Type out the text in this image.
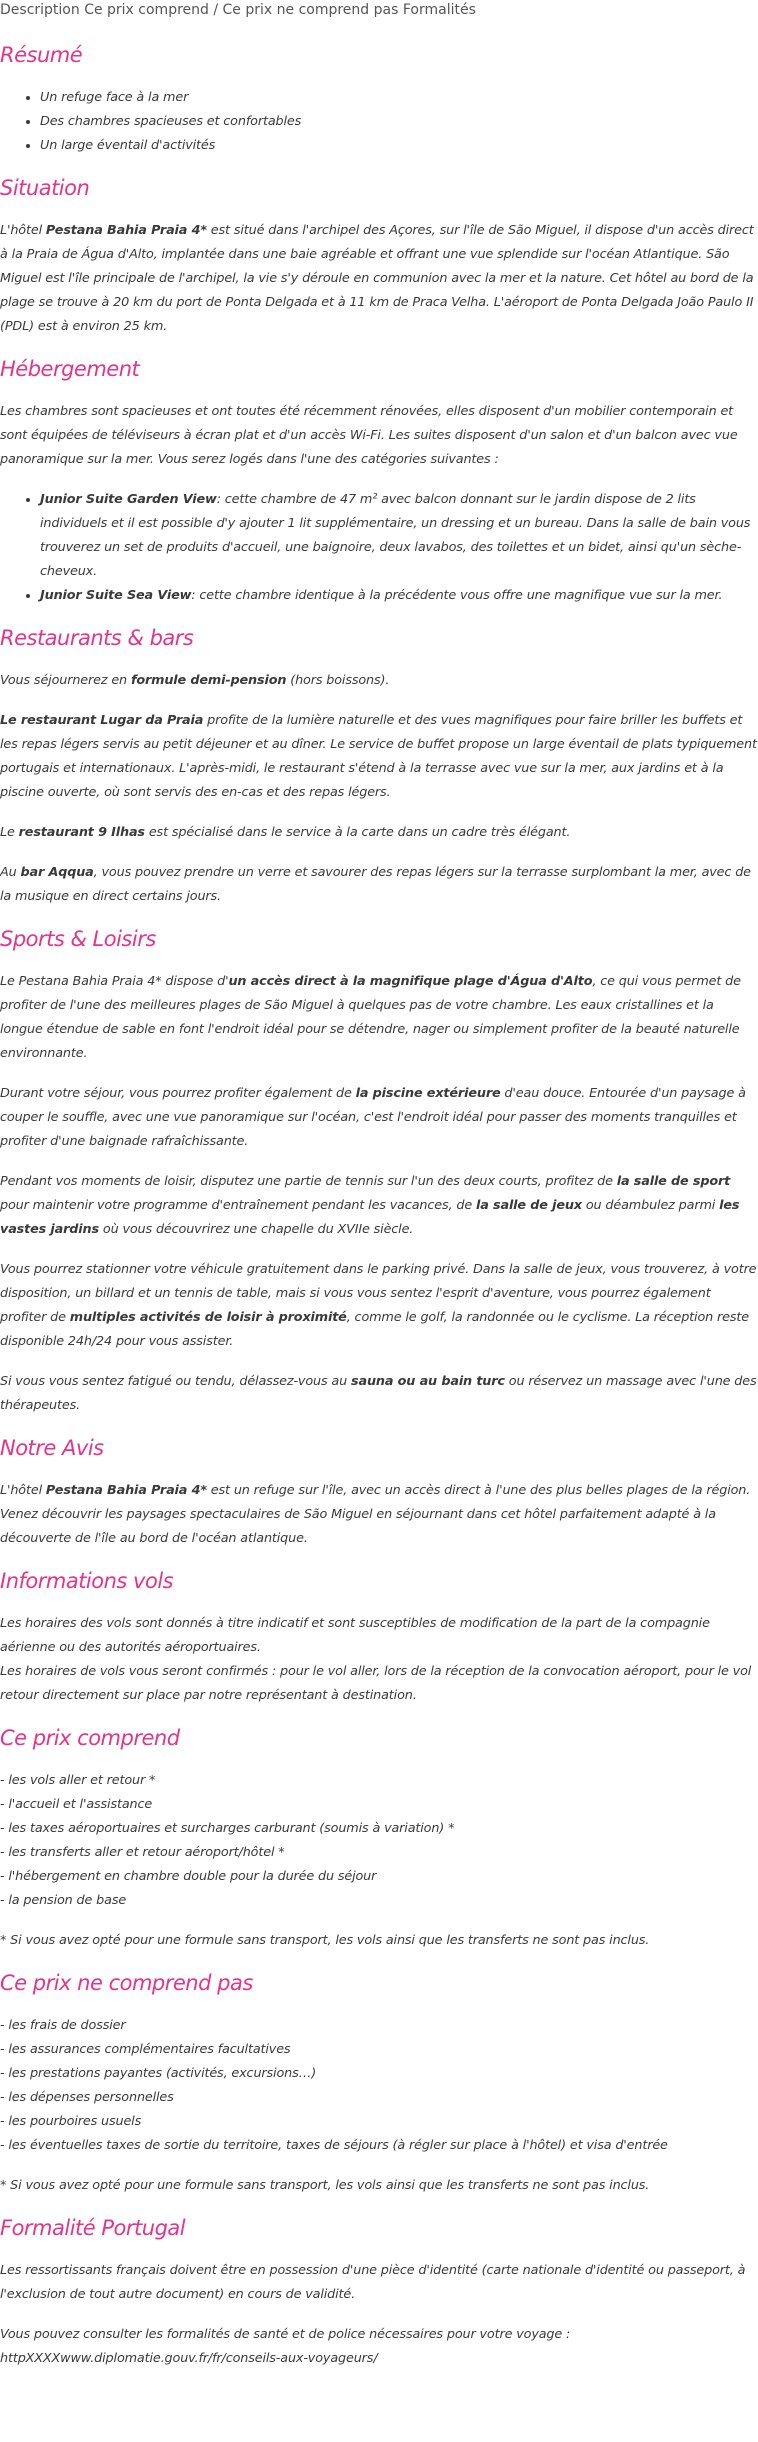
Description Ce prix comprend / Ce prix ne comprend pas Formalités
Résumé
• Un refuge face à la mer
• Des chambres spacieuses et confortables
• Un large éventail d'activités
Situation

L'hôtel Pestana Bahia Praia 4* est situé dans l'archipel des Açores, sur l'île de São Miguel, il dispose d'un accès direct à la Praia de Água d'Alto, implantée dans une baie agréable et offrant une vue splendide sur l'océan Atlantique. São Miguel est l'île principale de l'archipel, la vie s'y déroule en communion avec la mer et la nature. Cet hôtel au bord de la plage se trouve à 20 km du port de Ponta Delgada et à 11 km de Praca Velha. L'aéroport de Ponta Delgada João Paulo II (PDL) est à environ 25 km.

Hébergement

Les chambres sont spacieuses et ont toutes été récemment rénovées, elles disposent d'un mobilier contemporain et sont équipées de téléviseurs à écran plat et d'un accès Wi-Fi. Les suites disposent d'un salon et d'un balcon avec vue panoramique sur la mer. Vous serez logés dans l'une des catégories suivantes :

• Junior Suite Garden View: cette chambre de 47 m² avec balcon donnant sur le jardin dispose de 2 lits individuels et il est possible d'y ajouter 1 lit supplémentaire, un dressing et un bureau. Dans la salle de bain vous trouverez un set de produits d'accueil, une baignoire, deux lavabos, des toilettes et un bidet, ainsi qu'un sèche-cheveux.
• Junior Suite Sea View: cette chambre identique à la précédente vous offre une magnifique vue sur la mer.
Restaurants & bars

Vous séjournerez en formule demi-pension (hors boissons).

Le restaurant Lugar da Praia profite de la lumière naturelle et des vues magnifiques pour faire briller les buffets et les repas légers servis au petit déjeuner et au dîner. Le service de buffet propose un large éventail de plats typiquement portugais et internationaux. L'après-midi, le restaurant s'étend à la terrasse avec vue sur la mer, aux jardins et à la piscine ouverte, où sont servis des en-cas et des repas légers.

Le restaurant 9 Ilhas est spécialisé dans le service à la carte dans un cadre très élégant.

Au bar Aqqua, vous pouvez prendre un verre et savourer des repas légers sur la terrasse surplombant la mer, avec de la musique en direct certains jours.

Sports & Loisirs

Le Pestana Bahia Praia 4* dispose d'un accès direct à la magnifique plage d'Água d'Alto, ce qui vous permet de profiter de l'une des meilleures plages de São Miguel à quelques pas de votre chambre. Les eaux cristallines et la longue étendue de sable en font l'endroit idéal pour se détendre, nager ou simplement profiter de la beauté naturelle environnante.

Durant votre séjour, vous pourrez profiter également de la piscine extérieure d'eau douce. Entourée d'un paysage à couper le souffle, avec une vue panoramique sur l'océan, c'est l'endroit idéal pour passer des moments tranquilles et profiter d'une baignade rafraîchissante.

Pendant vos moments de loisir, disputez une partie de tennis sur l'un des deux courts, profitez de la salle de sport pour maintenir votre programme d'entraînement pendant les vacances, de la salle de jeux ou déambulez parmi les vastes jardins où vous découvrirez une chapelle du XVIIe siècle.

Vous pourrez stationner votre véhicule gratuitement dans le parking privé. Dans la salle de jeux, vous trouverez, à votre disposition, un billard et un tennis de table, mais si vous vous sentez l'esprit d'aventure, vous pourrez également profiter de multiples activités de loisir à proximité, comme le golf, la randonnée ou le cyclisme. La réception reste disponible 24h/24 pour vous assister.

Si vous vous sentez fatigué ou tendu, délassez-vous au sauna ou au bain turc ou réservez un massage avec l'une des thérapeutes.

Notre Avis

L'hôtel Pestana Bahia Praia 4* est un refuge sur l'île, avec un accès direct à l'une des plus belles plages de la région. Venez découvrir les paysages spectaculaires de São Miguel en séjournant dans cet hôtel parfaitement adapté à la découverte de l'île au bord de l'océan atlantique.

Informations vols

Les horaires des vols sont donnés à titre indicatif et sont susceptibles de modification de la part de la compagnie aérienne ou des autorités aéroportuaires.

Les horaires de vols vous seront confirmés : pour le vol aller, lors de la réception de la convocation aéroport, pour le vol retour directement sur place par notre représentant à destination.

Ce prix comprend
- les vols aller et retour *
- l'accueil et l'assistance
- les taxes aéroportuaires et surcharges carburant (soumis à variation) *
- les transferts aller et retour aéroport/hôtel *
- l'hébergement en chambre double pour la durée du séjour
- la pension de base

* Si vous avez opté pour une formule sans transport, les vols ainsi que les transferts ne sont pas inclus.

Ce prix ne comprend pas
- les frais de dossier
- les assurances complémentaires facultatives
- les prestations payantes (activités, excursions…)
- les dépenses personnelles
- les pourboires usuels
- les éventuelles taxes de sortie du territoire, taxes de séjours (à régler sur place à l'hôtel) et visa d'entrée

* Si vous avez opté pour une formule sans transport, les vols ainsi que les transferts ne sont pas inclus.

Formalité Portugal

Les ressortissants français doivent être en possession d'une pièce d'identité (carte nationale d'identité ou passeport, à l'exclusion de tout autre document) en cours de validité.

Vous pouvez consulter les formalités de santé et de police nécessaires pour votre voyage :

httpXXXXwww.diplomatie.gouv.fr/fr/conseils-aux-voyageurs/
